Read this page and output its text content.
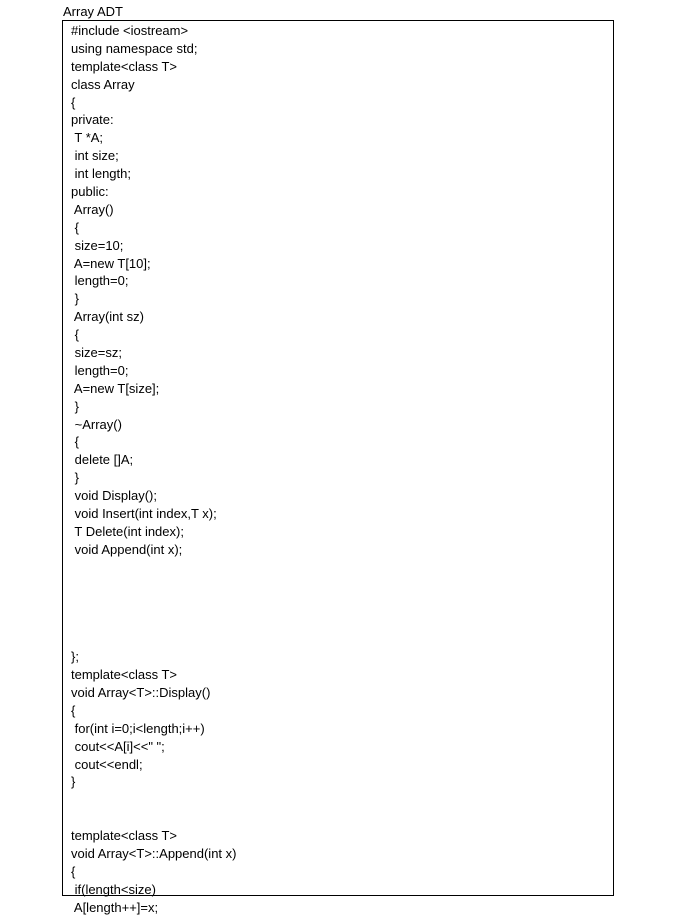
Array ADT
#include <iostream>
using namespace std;
template<class T>
class Array
{
private:
T *A;
int size;
int length;
public:
Array()
{
size=10;
A=new T[10];
length=0;
}
Array(int sz)
{
size=sz;
length=0;
A=new T[size];
}
~Array()
{
delete []A;
}
void Display();
void Insert(int index,T x);
T Delete(int index);
void Append(int x);
};
template<class T>
void Array<T>::Display()
{
for(int i=0;i<length;i++)
cout<<A[i]<<" ";
cout<<endl;
}
template<class T>
void Array<T>::Append(int x)
{
if(length<size)
A[length++]=x;
